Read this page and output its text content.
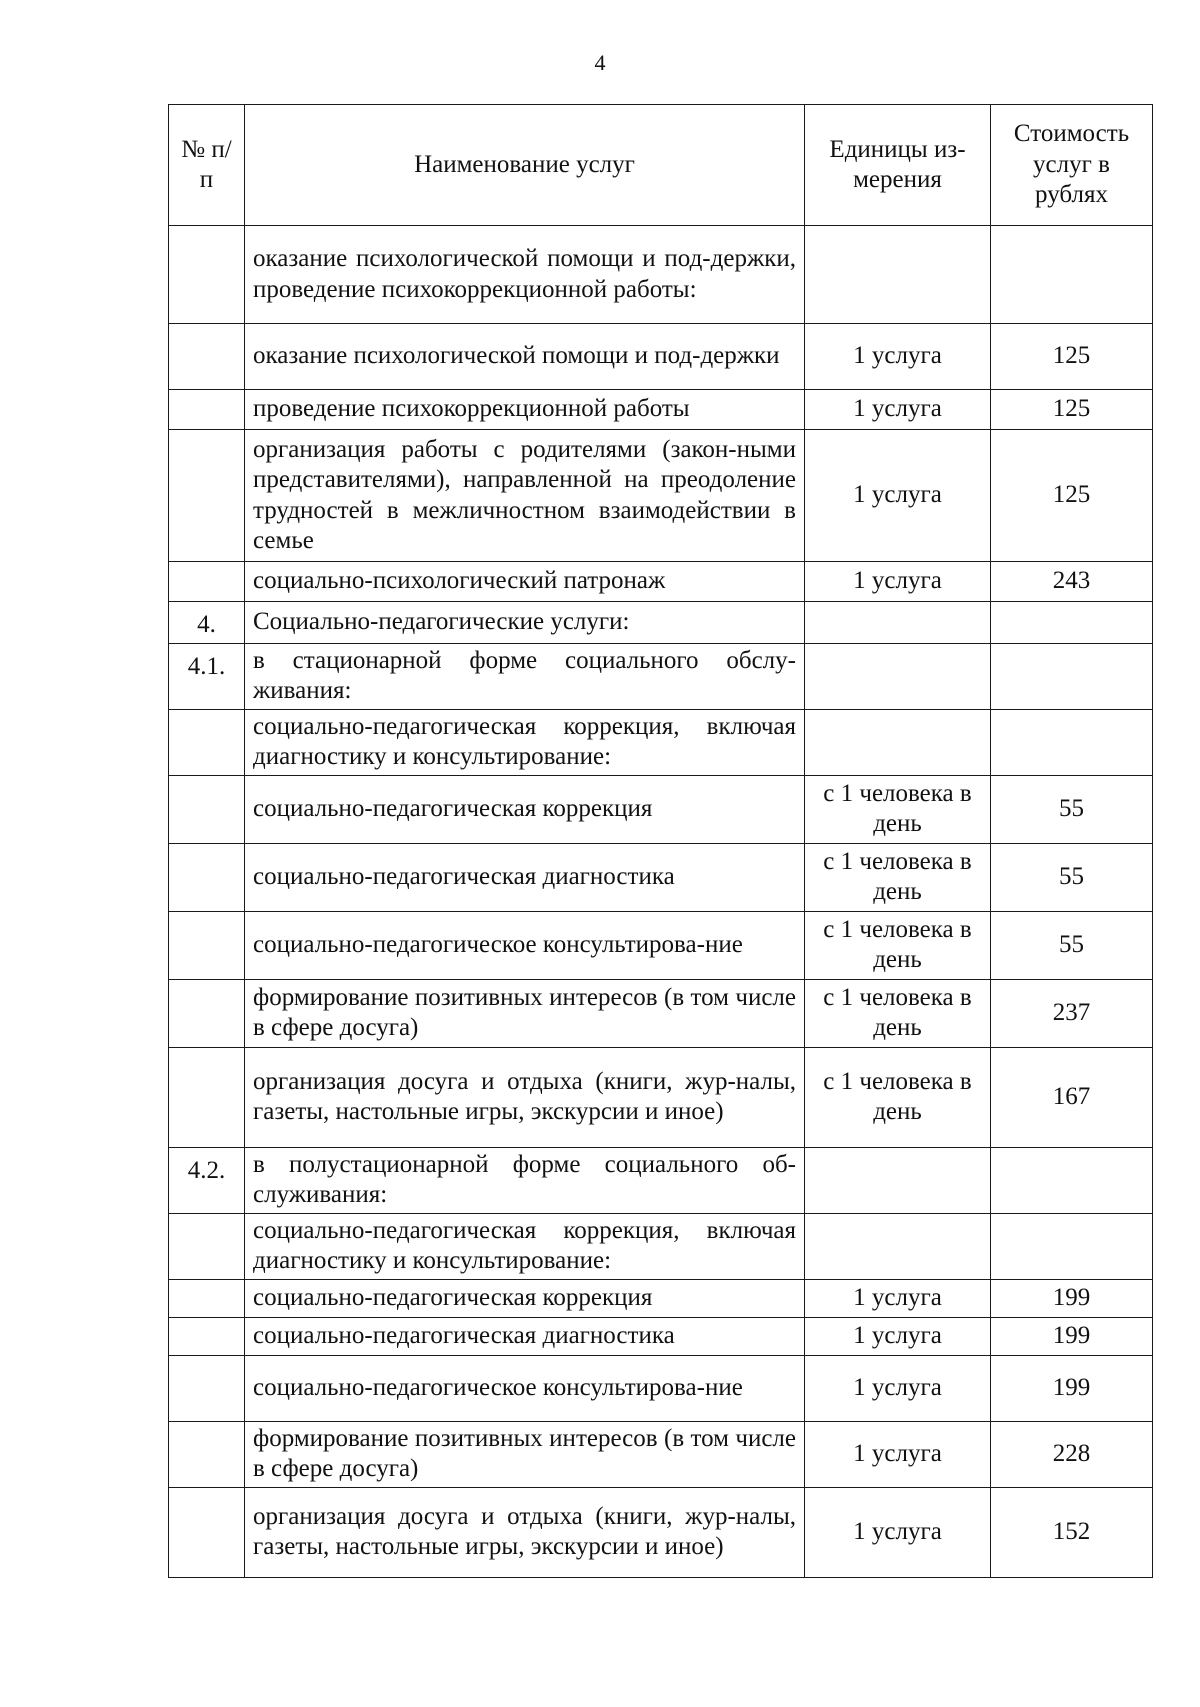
4
№ п/п	Наименование услуг	Единицы из-мерения	Стоимость услуг в рублях
	оказание психологической помощи и под-держки, проведение психокоррекционной работы:		
	оказание психологической помощи и под-держки	1 услуга	125
	проведение психокоррекционной работы	1 услуга	125
	организация работы с родителями (закон-ными представителями), направленной на преодоление трудностей в межличностном взаимодействии в семье	1 услуга	125
	социально-психологический патронаж	1 услуга	243
4.	Социально-педагогические услуги:		
4.1.	в стационарной форме социального обслу-живания:		
	социально-педагогическая коррекция, включая диагностику и консультирование:		
	социально-педагогическая коррекция	с 1 человека в день	55
	социально-педагогическая диагностика	с 1 человека в день	55
	социально-педагогическое консультирова-ние	с 1 человека в день	55
	формирование позитивных интересов (в том числе в сфере досуга)	с 1 человека в день	237
	организация досуга и отдыха (книги, жур-налы, газеты, настольные игры, экскурсии и иное)	с 1 человека в день	167
4.2.	в полустационарной форме социального об-служивания:		
	социально-педагогическая коррекция, включая диагностику и консультирование:		
	социально-педагогическая коррекция	1 услуга	199
	социально-педагогическая диагностика	1 услуга	199
	социально-педагогическое консультирова-ние	1 услуга	199
	формирование позитивных интересов (в том числе в сфере досуга)	1 услуга	228
	организация досуга и отдыха (книги, жур-налы, газеты, настольные игры, экскурсии и иное)	1 услуга	152
